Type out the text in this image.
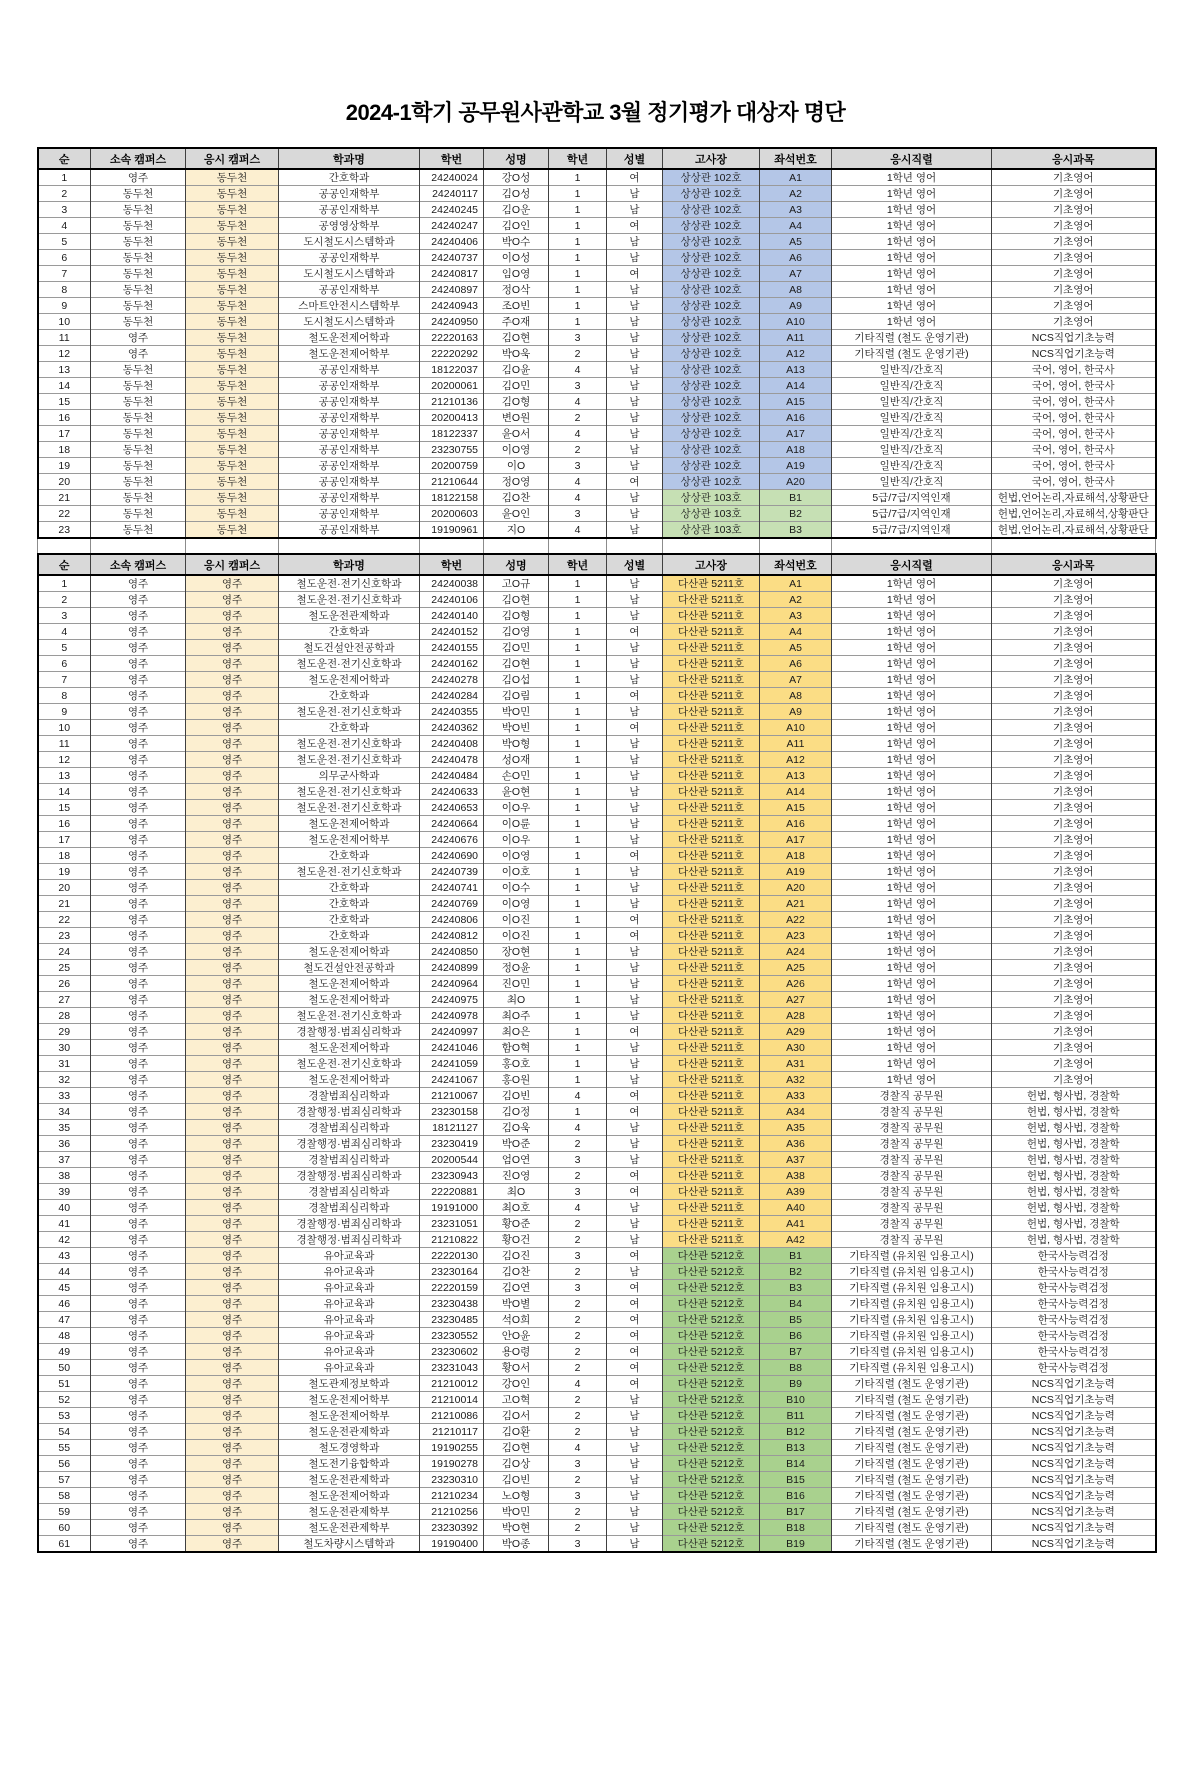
2024-1학기 공무원사관학교 3월 정기평가 대상자 명단
순	소속 캠퍼스	응시 캠퍼스	학과명	학번	성명	학년	성별	고사장	좌석번호	응시직렬	응시과목
1	영주	동두천	간호학과	24240024	강O성	1	여	상상관 102호	A1	1학년 영어	기초영어
2	동두천	동두천	공공인재학부	24240117	김O성	1	남	상상관 102호	A2	1학년 영어	기초영어
3	동두천	동두천	공공인재학부	24240245	김O운	1	남	상상관 102호	A3	1학년 영어	기초영어
4	동두천	동두천	공영영상학부	24240247	김O인	1	여	상상관 102호	A4	1학년 영어	기초영어
5	동두천	동두천	도시철도시스템학과	24240406	박O수	1	남	상상관 102호	A5	1학년 영어	기초영어
6	동두천	동두천	공공인재학부	24240737	이O성	1	남	상상관 102호	A6	1학년 영어	기초영어
7	동두천	동두천	도시철도시스템학과	24240817	임O영	1	여	상상관 102호	A7	1학년 영어	기초영어
8	동두천	동두천	공공인재학부	24240897	정O삭	1	남	상상관 102호	A8	1학년 영어	기초영어
9	동두천	동두천	스마트안전시스템학부	24240943	조O빈	1	남	상상관 102호	A9	1학년 영어	기초영어
10	동두천	동두천	도시철도시스템학과	24240950	주O재	1	남	상상관 102호	A10	1학년 영어	기초영어
11	영주	동두천	철도운전제어학과	22220163	김O현	3	남	상상관 102호	A11	기타직렬 (철도 운영기관)	NCS직업기초능력
12	영주	동두천	철도운전제어학부	22220292	박O욱	2	남	상상관 102호	A12	기타직렬 (철도 운영기관)	NCS직업기초능력
13	동두천	동두천	공공인재학부	18122037	김O윤	4	남	상상관 102호	A13	일반직/간호직	국어, 영어, 한국사
14	동두천	동두천	공공인재학부	20200061	김O민	3	남	상상관 102호	A14	일반직/간호직	국어, 영어, 한국사
15	동두천	동두천	공공인재학부	21210136	김O형	4	남	상상관 102호	A15	일반직/간호직	국어, 영어, 한국사
16	동두천	동두천	공공인재학부	20200413	변O원	2	남	상상관 102호	A16	일반직/간호직	국어, 영어, 한국사
17	동두천	동두천	공공인재학부	18122337	윤O서	4	남	상상관 102호	A17	일반직/간호직	국어, 영어, 한국사
18	동두천	동두천	공공인재학부	23230755	이O영	2	남	상상관 102호	A18	일반직/간호직	국어, 영어, 한국사
19	동두천	동두천	공공인재학부	20200759	이O	3	남	상상관 102호	A19	일반직/간호직	국어, 영어, 한국사
20	동두천	동두천	공공인재학부	21210644	정O영	4	여	상상관 102호	A20	일반직/간호직	국어, 영어, 한국사
21	동두천	동두천	공공인재학부	18122158	김O찬	4	남	상상관 103호	B1	5급/7급/지역인재	헌법,언어논리,자료해석,상황판단
22	동두천	동두천	공공인재학부	20200603	윤O인	3	남	상상관 103호	B2	5급/7급/지역인재	헌법,언어논리,자료해석,상황판단
23	동두천	동두천	공공인재학부	19190961	지O	4	남	상상관 103호	B3	5급/7급/지역인재	헌법,언어논리,자료해석,상황판단

순	소속 캠퍼스	응시 캠퍼스	학과명	학번	성명	학년	성별	고사장	좌석번호	응시직렬	응시과목
1	영주	영주	철도운전·전기신호학과	24240038	고O규	1	남	다산관 5211호	A1	1학년 영어	기초영어
2	영주	영주	철도운전·전기신호학과	24240106	김O현	1	남	다산관 5211호	A2	1학년 영어	기초영어
3	영주	영주	철도운전관제학과	24240140	김O형	1	남	다산관 5211호	A3	1학년 영어	기초영어
4	영주	영주	간호학과	24240152	김O영	1	여	다산관 5211호	A4	1학년 영어	기초영어
5	영주	영주	철도건설안전공학과	24240155	김O민	1	남	다산관 5211호	A5	1학년 영어	기초영어
6	영주	영주	철도운전·전기신호학과	24240162	김O현	1	남	다산관 5211호	A6	1학년 영어	기초영어
7	영주	영주	철도운전제어학과	24240278	김O섭	1	남	다산관 5211호	A7	1학년 영어	기초영어
8	영주	영주	간호학과	24240284	김O림	1	여	다산관 5211호	A8	1학년 영어	기초영어
9	영주	영주	철도운전·전기신호학과	24240355	박O민	1	남	다산관 5211호	A9	1학년 영어	기초영어
10	영주	영주	간호학과	24240362	박O빈	1	여	다산관 5211호	A10	1학년 영어	기초영어
11	영주	영주	철도운전·전기신호학과	24240408	박O형	1	남	다산관 5211호	A11	1학년 영어	기초영어
12	영주	영주	철도운전·전기신호학과	24240478	성O재	1	남	다산관 5211호	A12	1학년 영어	기초영어
13	영주	영주	의무군사학과	24240484	손O민	1	남	다산관 5211호	A13	1학년 영어	기초영어
14	영주	영주	철도운전·전기신호학과	24240633	윤O현	1	남	다산관 5211호	A14	1학년 영어	기초영어
15	영주	영주	철도운전·전기신호학과	24240653	이O우	1	남	다산관 5211호	A15	1학년 영어	기초영어
16	영주	영주	철도운전제어학과	24240664	이O륜	1	남	다산관 5211호	A16	1학년 영어	기초영어
17	영주	영주	철도운전제어학부	24240676	이O우	1	남	다산관 5211호	A17	1학년 영어	기초영어
18	영주	영주	간호학과	24240690	이O영	1	여	다산관 5211호	A18	1학년 영어	기초영어
19	영주	영주	철도운전·전기신호학과	24240739	이O호	1	남	다산관 5211호	A19	1학년 영어	기초영어
20	영주	영주	간호학과	24240741	이O수	1	남	다산관 5211호	A20	1학년 영어	기초영어
21	영주	영주	간호학과	24240769	이O영	1	남	다산관 5211호	A21	1학년 영어	기초영어
22	영주	영주	간호학과	24240806	이O진	1	여	다산관 5211호	A22	1학년 영어	기초영어
23	영주	영주	간호학과	24240812	이O진	1	여	다산관 5211호	A23	1학년 영어	기초영어
24	영주	영주	철도운전제어학과	24240850	장O현	1	남	다산관 5211호	A24	1학년 영어	기초영어
25	영주	영주	철도건설안전공학과	24240899	정O윤	1	남	다산관 5211호	A25	1학년 영어	기초영어
26	영주	영주	철도운전제어학과	24240964	진O민	1	남	다산관 5211호	A26	1학년 영어	기초영어
27	영주	영주	철도운전제어학과	24240975	최O	1	남	다산관 5211호	A27	1학년 영어	기초영어
28	영주	영주	철도운전·전기신호학과	24240978	최O주	1	남	다산관 5211호	A28	1학년 영어	기초영어
29	영주	영주	경찰행정·범죄심리학과	24240997	최O은	1	여	다산관 5211호	A29	1학년 영어	기초영어
30	영주	영주	철도운전제어학과	24241046	함O혁	1	남	다산관 5211호	A30	1학년 영어	기초영어
31	영주	영주	철도운전·전기신호학과	24241059	홍O호	1	남	다산관 5211호	A31	1학년 영어	기초영어
32	영주	영주	철도운전제어학과	24241067	홍O원	1	남	다산관 5211호	A32	1학년 영어	기초영어
33	영주	영주	경찰범죄심리학과	21210067	김O빈	4	여	다산관 5211호	A33	경찰직 공무원	헌법, 형사법, 경찰학
34	영주	영주	경찰행정·범죄심리학과	23230158	김O정	1	여	다산관 5211호	A34	경찰직 공무원	헌법, 형사법, 경찰학
35	영주	영주	경찰범죄심리학과	18121127	김O욱	4	남	다산관 5211호	A35	경찰직 공무원	헌법, 형사법, 경찰학
36	영주	영주	경찰행정·범죄심리학과	23230419	박O준	2	남	다산관 5211호	A36	경찰직 공무원	헌법, 형사법, 경찰학
37	영주	영주	경찰범죄심리학과	20200544	엄O연	3	남	다산관 5211호	A37	경찰직 공무원	헌법, 형사법, 경찰학
38	영주	영주	경찰행정·범죄심리학과	23230943	진O영	2	여	다산관 5211호	A38	경찰직 공무원	헌법, 형사법, 경찰학
39	영주	영주	경찰범죄심리학과	22220881	최O	3	여	다산관 5211호	A39	경찰직 공무원	헌법, 형사법, 경찰학
40	영주	영주	경찰범죄심리학과	19191000	최O호	4	남	다산관 5211호	A40	경찰직 공무원	헌법, 형사법, 경찰학
41	영주	영주	경찰행정·범죄심리학과	23231051	황O준	2	남	다산관 5211호	A41	경찰직 공무원	헌법, 형사법, 경찰학
42	영주	영주	경찰행정·범죄심리학과	21210822	황O건	2	남	다산관 5211호	A42	경찰직 공무원	헌법, 형사법, 경찰학
43	영주	영주	유아교육과	22220130	김O진	3	여	다산관 5212호	B1	기타직렬 (유치원 임용고시)	한국사능력검정
44	영주	영주	유아교육과	23230164	김O찬	2	남	다산관 5212호	B2	기타직렬 (유치원 임용고시)	한국사능력검정
45	영주	영주	유아교육과	22220159	김O연	3	여	다산관 5212호	B3	기타직렬 (유치원 임용고시)	한국사능력검정
46	영주	영주	유아교육과	23230438	박O별	2	여	다산관 5212호	B4	기타직렬 (유치원 임용고시)	한국사능력검정
47	영주	영주	유아교육과	23230485	석O희	2	여	다산관 5212호	B5	기타직렬 (유치원 임용고시)	한국사능력검정
48	영주	영주	유아교육과	23230552	안O윤	2	여	다산관 5212호	B6	기타직렬 (유치원 임용고시)	한국사능력검정
49	영주	영주	유아교육과	23230602	용O령	2	여	다산관 5212호	B7	기타직렬 (유치원 임용고시)	한국사능력검정
50	영주	영주	유아교육과	23231043	황O서	2	여	다산관 5212호	B8	기타직렬 (유치원 임용고시)	한국사능력검정
51	영주	영주	철도관제정보학과	21210012	강O인	4	여	다산관 5212호	B9	기타직렬 (철도 운영기관)	NCS직업기초능력
52	영주	영주	철도운전제어학부	21210014	고O혁	2	남	다산관 5212호	B10	기타직렬 (철도 운영기관)	NCS직업기초능력
53	영주	영주	철도운전제어학부	21210086	김O서	2	남	다산관 5212호	B11	기타직렬 (철도 운영기관)	NCS직업기초능력
54	영주	영주	철도운전관제학과	21210117	김O환	2	남	다산관 5212호	B12	기타직렬 (철도 운영기관)	NCS직업기초능력
55	영주	영주	철도경영학과	19190255	김O현	4	남	다산관 5212호	B13	기타직렬 (철도 운영기관)	NCS직업기초능력
56	영주	영주	철도전기융합학과	19190278	김O상	3	남	다산관 5212호	B14	기타직렬 (철도 운영기관)	NCS직업기초능력
57	영주	영주	철도운전관제학과	23230310	김O빈	2	남	다산관 5212호	B15	기타직렬 (철도 운영기관)	NCS직업기초능력
58	영주	영주	철도운전제어학과	21210234	노O형	3	남	다산관 5212호	B16	기타직렬 (철도 운영기관)	NCS직업기초능력
59	영주	영주	철도운전관제학부	21210256	박O민	2	남	다산관 5212호	B17	기타직렬 (철도 운영기관)	NCS직업기초능력
60	영주	영주	철도운전관제학부	23230392	박O현	2	남	다산관 5212호	B18	기타직렬 (철도 운영기관)	NCS직업기초능력
61	영주	영주	철도차량시스템학과	19190400	박O종	3	남	다산관 5212호	B19	기타직렬 (철도 운영기관)	NCS직업기초능력
